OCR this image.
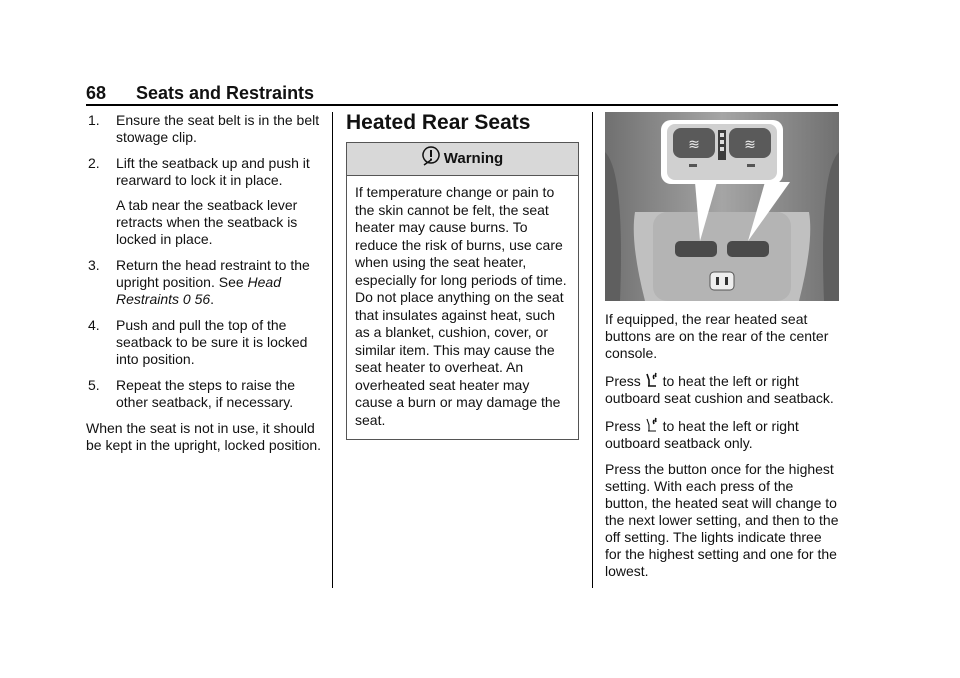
68 Seats and Restraints
1. Ensure the seat belt is in the belt stowage clip.
2. Lift the seatback up and push it rearward to lock it in place.
A tab near the seatback lever retracts when the seatback is locked in place.
3. Return the head restraint to the upright position. See Head Restraints 0 56.
4. Push and pull the top of the seatback to be sure it is locked into position.
5. Repeat the steps to raise the other seatback, if necessary.
When the seat is not in use, it should be kept in the upright, locked position.
Heated Rear Seats
Warning
If temperature change or pain to the skin cannot be felt, the seat heater may cause burns. To reduce the risk of burns, use care when using the seat heater, especially for long periods of time. Do not place anything on the seat that insulates against heat, such as a blanket, cushion, cover, or similar item. This may cause the seat heater to overheat. An overheated seat heater may cause a burn or may damage the seat.
≋	≋
If equipped, the rear heated seat buttons are on the rear of the center console.
Press to heat the left or right
outboard seat cushion and seatback.
Press to heat the left or right
outboard seatback only.
Press the button once for the highest setting. With each press of the button, the heated seat will change to the next lower setting, and then to the off setting. The lights indicate three for the highest setting and one for the lowest.
